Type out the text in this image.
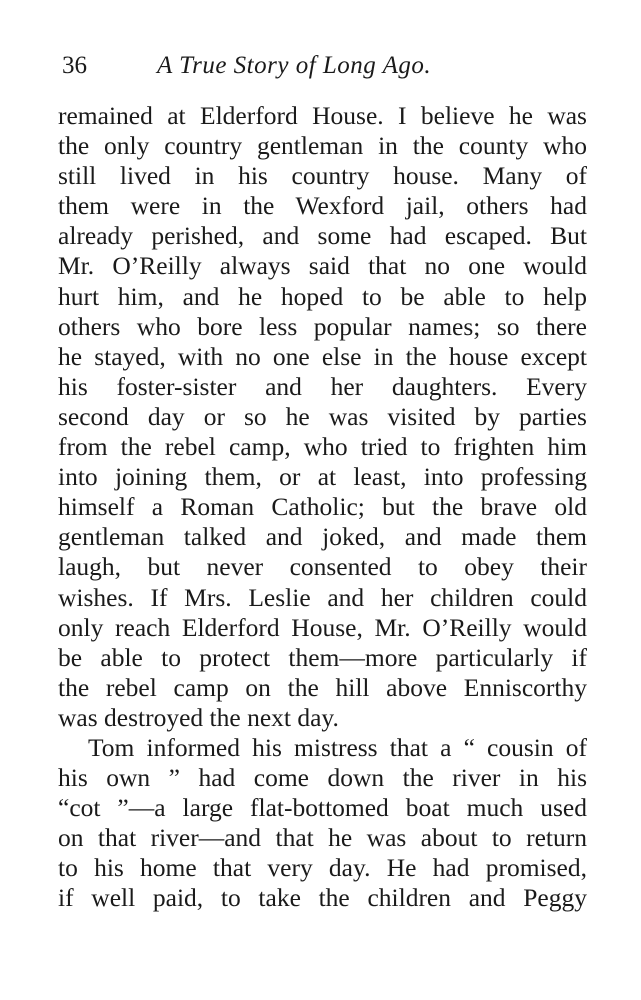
36	A True Story of Long Ago.
remained at Elderford House. I believe he was
the only country gentleman in the county who
still lived in his country house. Many of
them were in the Wexford jail, others had
already perished, and some had escaped. But
Mr. O’Reilly always said that no one would
hurt him, and he hoped to be able to help
others who bore less popular names; so there
he stayed, with no one else in the house except
his foster-sister and her daughters. Every
second day or so he was visited by parties
from the rebel camp, who tried to frighten him
into joining them, or at least, into professing
himself a Roman Catholic; but the brave old
gentleman talked and joked, and made them
laugh, but never consented to obey their
wishes. If Mrs. Leslie and her children could
only reach Elderford House, Mr. O’Reilly would
be able to protect them—more particularly if
the rebel camp on the hill above Enniscorthy
was destroyed the next day.
Tom informed his mistress that a “ cousin of
his own ” had come down the river in his
“cot ”—a large flat-bottomed boat much used
on that river—and that he was about to return
to his home that very day. He had promised,
if well paid, to take the children and Peggy
